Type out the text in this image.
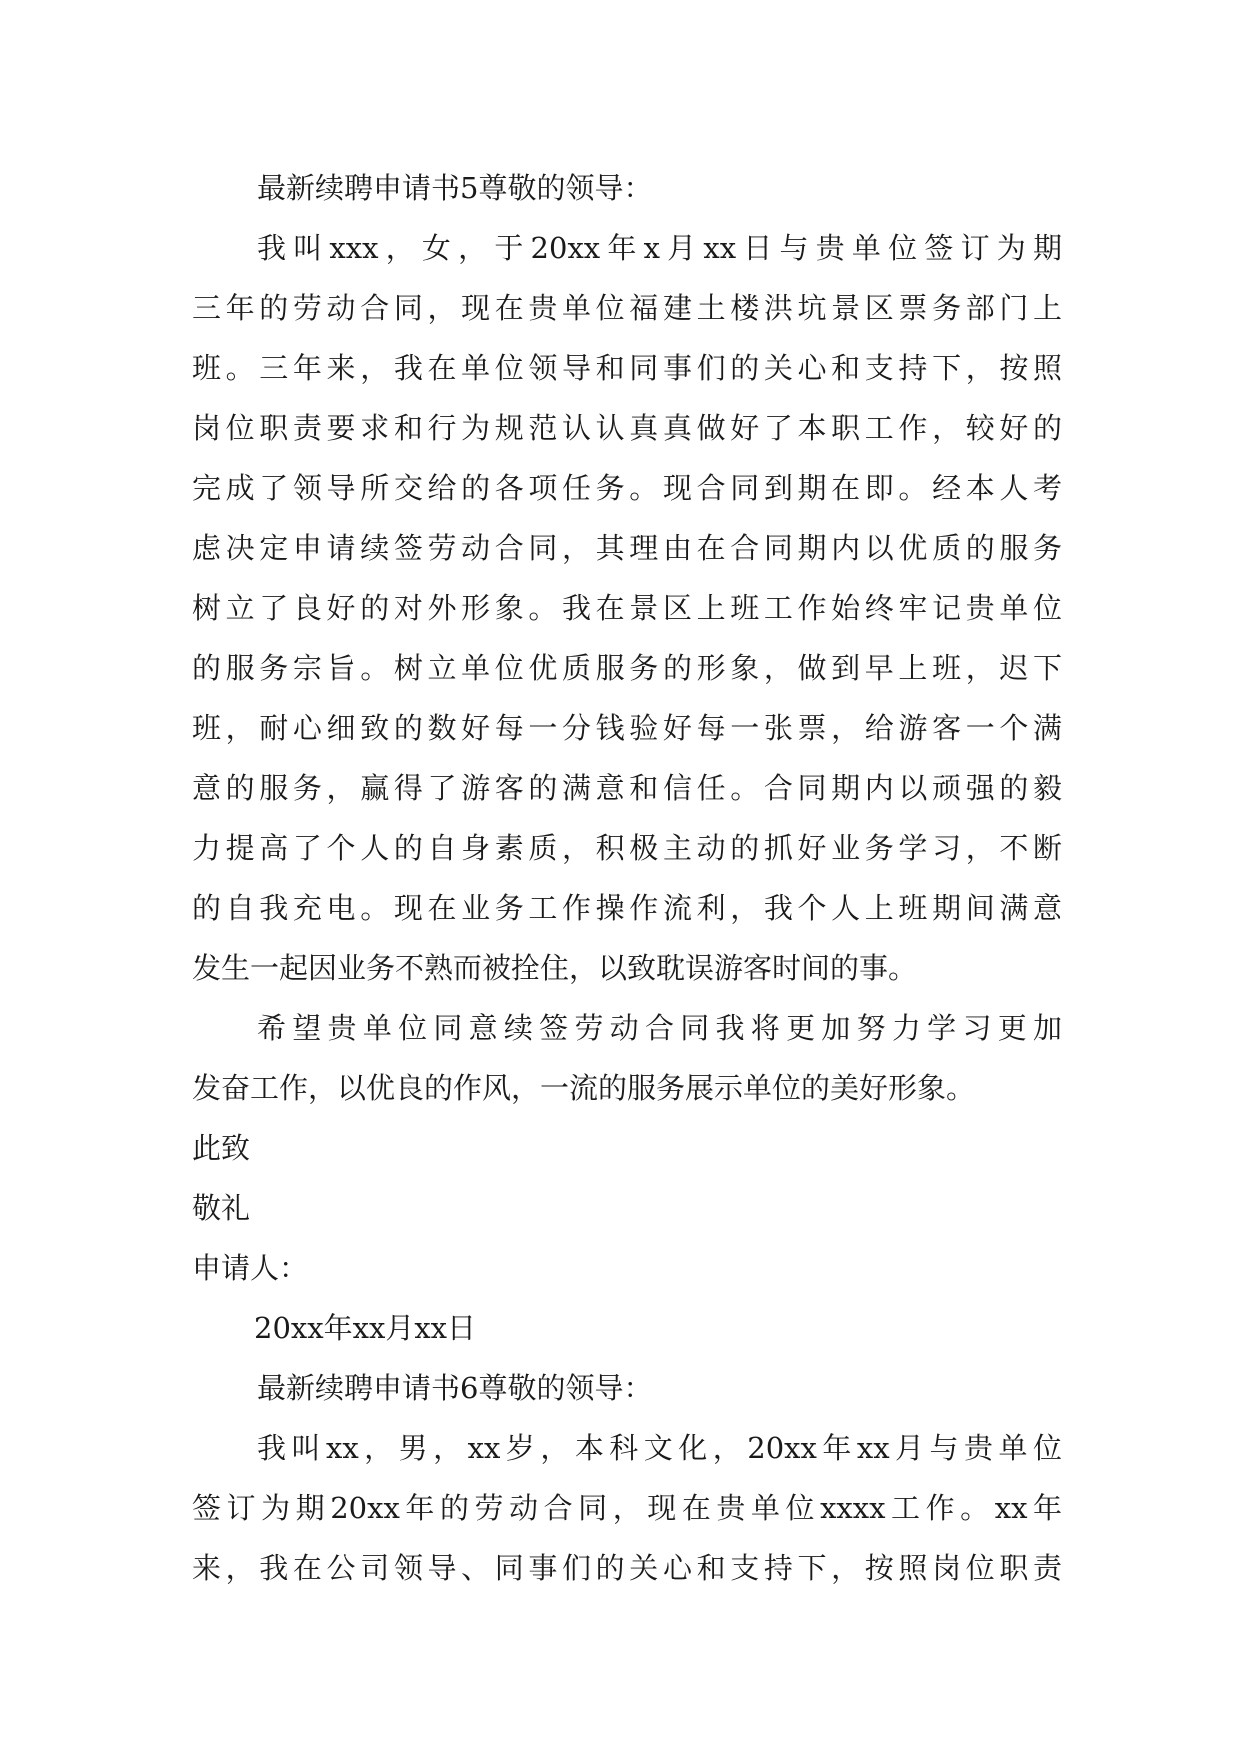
最新续聘申请书5尊敬的领导：

我叫xxx，女，于20xx年x月xx日与贵单位签订为期
三年的劳动合同，现在贵单位福建土楼洪坑景区票务部门上
班。三年来，我在单位领导和同事们的关心和支持下，按照
岗位职责要求和行为规范认认真真做好了本职工作，较好的
完成了领导所交给的各项任务。现合同到期在即。经本人考
虑决定申请续签劳动合同，其理由在合同期内以优质的服务
树立了良好的对外形象。我在景区上班工作始终牢记贵单位
的服务宗旨。树立单位优质服务的形象，做到早上班，迟下
班，耐心细致的数好每一分钱验好每一张票，给游客一个满
意的服务，赢得了游客的满意和信任。合同期内以顽强的毅
力提高了个人的自身素质，积极主动的抓好业务学习，不断
的自我充电。现在业务工作操作流利，我个人上班期间满意
发生一起因业务不熟而被拴住，以致耽误游客时间的事。
希望贵单位同意续签劳动合同我将更加努力学习更加
发奋工作，以优良的作风，一流的服务展示单位的美好形象。

此致

敬礼

申请人：

20xx年xx月xx日

最新续聘申请书6尊敬的领导：

我叫xx，男，xx岁，本科文化，20xx年xx月与贵单位
签订为期20xx年的劳动合同，现在贵单位xxxx工作。xx年
来，我在公司领导、同事们的关心和支持下，按照岗位职责
